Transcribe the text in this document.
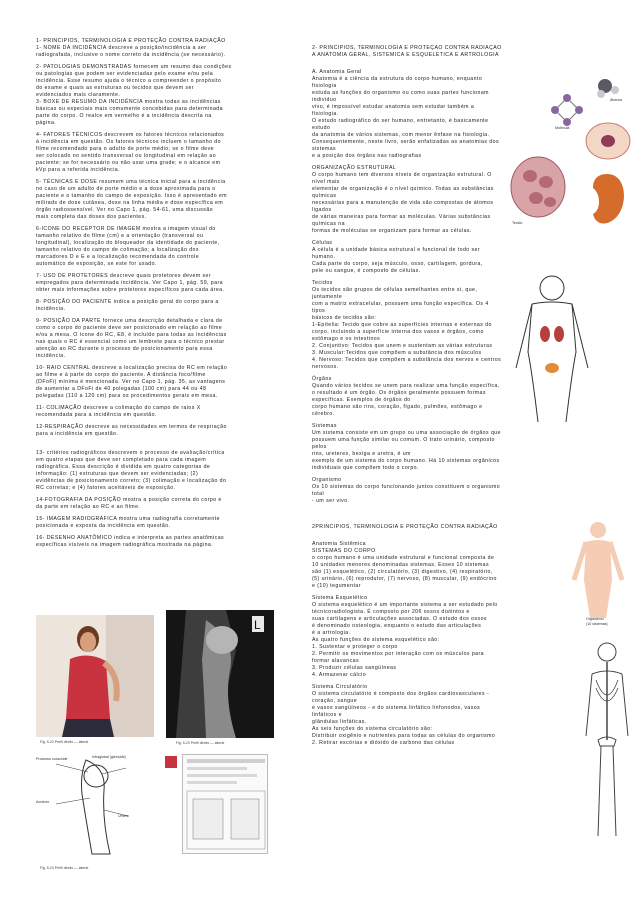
1- PRINCIPIOS, TERMINOLOGIA E PROTEÇÃO CONTRA RADIAÇÃO
1- NOME DA INCIDÊNCIA descreve a posição/incidência a ser
radiografada, inclusive o nome correto da incidência (se necessário).

2- PATOLOGIAS DEMONSTRADAS fornecem um resumo das condições
ou patologias que podem ser evidenciadas pelo exame e/ou pela
incidência. Esse resumo ajuda o técnico a compreender o propósito
do exame e quais as estruturas ou tecidos que devem ser
evidenciados mais claramente.
3- BOXE DE RESUMO DA INCIDÊNCIA mostra todas as incidências
básicas ou especiais mais comumente concebidas para determinada
parte do corpo. O realce em vermelho é a incidência descrita na
página.

4- FATORES TÉCNICOS descrevem os fatores técnicos relacionados
à incidência em questão. Os fatores técnicos incluem o tamanho do
filme recomendado para o adulto de porte médio; se o filme deve
ser colocado no sentido transversal ou longitudinal em relação ao
paciente; se for necessário ou não usar uma grade; e o alcance em
kVp para a referida incidência.

5- TÉCNICAS E DOSE resumem uma técnica inicial para a incidência
no caso de um adulto de porte médio e a dose aproximada para o
paciente e o tamanho do campo de exposição. Isso é apresentado em
milirads de dose cutânea, dose na linha média e dose específica em
órgão radiossensível. Ver no Capo 1, pág. 54-61, uma discussão
mais completa das doses dos pacientes.

6-ICONE DO RECEPTOR DE IMAGEM mostra a imagem visual do
tamanho relativo do filme (cm) e a orientação (transversal ou
longitudinal), localização do bloqueador da identidade do paciente,
tamanho relativo do campo de colimação; a localização dos
marcadores D e E e a localização recomendada do controle
automático de exposição, se este for usado.

7- USO DE PROTETORES descreve quais protetores devem ser
empregados para determinada incidência. Ver Capo 1, pág. 59, para
obter mais informações sobre protetores específicos para cada área.

8- POSIÇÃO DO PACIENTE indica a posição geral do corpo para a
incidência.

9- POSIÇÃO DA PARTE fornece uma descrição detalhada e clara de
como o corpo do paciente deve ser posicionado em relação ao filme
e/ou a mesa. O ícone do RC, E8, é incluído para todas as incidências
nas quais o RC é essencial como um lembrete para o técnico prestar
atenção ao RC durante o processo de posicionamento para essa
incidência.

10- RAIO CENTRAL descreve a localização precisa do RC em relação
ao filme e à parte do corpo do paciente. A distância foco/filme
(DFoFi) mínima é mencionada. Ver no Capo 1, pág. 35, as vantagens
de aumentar a DFoFi de 40 polegadas (100 cm) para 44 ou 48
polegadas (110 a 120 cm) para os procedimentos gerais em mesa.

11- COLIMAÇÃO descreve a colimação do campo de raios X
recomendada para a incidência em questão.

12-RESPIRAÇÃO descreve as necessidades em termos de respiração
para a incidência em questão.

13- critérios radiográficos descrevem o processo de avaliação/crítica
em quatro etapas que deve ser completado para cada imagem
radiográfica. Essa descrição é dividida em quatro categorias de
informação: (1) estruturas que devem ser evidenciadas; (2)
evidências de posicionamento correto; (3) colimação e localização do
RC corretas; e (4) fatores aceitáveis de exposição.

14-FOTOGRAFIA DA POSIÇÃO mostra a posição correta do corpo e
da parte em relação ao RC e ao filme.

15- IMAGEM RADIOGRÁFICA mostra uma radiografia corretamente
posicionada e exposta da incidência em questão.

16- DESENHO ANATÔMICO indica e interpreta as partes anatômicas
específicas visíveis na imagem radiográfica mostrada na página.

Fig. 5-22 Perfil direito — lateral
L
Fig. 5-23 Perfil direito — lateral
Processo coracóide	Infraglobal (glenóide)
Acrômio
Úmero
Fig. 5-24 Perfil direito — lateral
2- PRINCIPIOS, TERMINOLOGIA E PROTEÇÃO CONTRA RADIAÇÃO
A ANATOMIA GERAL, SISTÊMICA E ESQUELÉTICA E ARTROLOGIA

A. Anatomia Geral
Anatomia é a ciência da estrutura do corpo humano, enquanto
fisiologia
estuda as funções do organismo ou como suas partes funcionam
individuo
vivo, é impossível estudar anatomia sem estudar também a
fisiologia.
O estudo radiográfico do ser humano, entretanto, é basicamente
estudo
da anatomia de vários sistemas, com menor ênfase na fisiologia.
Consequentemente, neste livro, serão enfatizadas as anatomias dos
sistemas
e a posição dos órgãos nas radiografias

ORGANIZAÇÃO ESTRUTURAL
O corpo humano tem diversos níveis de organização estrutural. O
nível mais
elementar de organização é o nível químico. Todas as substâncias
químicas
necessárias para a manutenção de vida são compostas de átomos
ligados
de várias maneiras para formar as moléculas. Várias substâncias
químicas na
formas de moléculas se organizam para formar as células.

Células
A célula é a unidade básica estrutural e funcional de todo ser
humano.
Cada parte do corpo, seja músculo, osso, cartilagem, gordura,
pele ou sangue, é composto de células.

Tecidos
Os tecidos são grupos de células semelhantes entre si, que,
juntamente
com a matriz extracelular, possuem uma função específica. Os 4
tipos
básicos de tecidos são:
1-Epitelia: Tecido que cobre as superfícies internas e externas do
corpo, incluindo a superfície interna dos vasos e órgãos, como
estômago e os intestinos
2. Conjuntivo: Tecidos que unem e sustentam as várias estruturas
3. Muscular:Tecidos que compõem a substância dos músculos
4. Nervoso: Tecidos que compõem a substância dos nervos e centros
nervosos.

Órgãos
Quando vários tecidos se unem para realizar uma função específica,
o resultado é um órgão. Os órgãos geralmente possuem formas
específicas. Exemplos de órgãos do
corpo humano são rins, coração, fígado, pulmões, estômago e
cérebro.

Sistemas
Um sistema consiste em um grupo ou uma associação de órgãos que
possuem uma função similar ou comum. O trato urinário, composto
pelos
rins, ureteres, bexiga e uretra, é um
exemplo de um sistema do corpo humano. Há 10 sistemas orgânicos
individuais que compõem todo o corpo.

Organismo
Os 10 sistemas do corpo funcionando juntos constituem o organismo
total
- um ser vivo.

2PRINCIPIOS, TERMINOLOGIA E PROTEÇÃO CONTRA RADIAÇÃO

Anatomia Sistêmica
SISTEMAS DO CORPO
o corpo humano é uma unidade estrutural e funcional composta de
10 unidades menores denominadas sistemas. Esses 10 sistemas
são (1) esquelético, (2) circulatório, (3) digestivo, (4) respiratório,
(5) urinário, (6) reprodutor, (7) nervoso, (8) muscular, (9) endócrino
e (10) tegumentar

Sistema Esquelético
O sistema esquelético é um importante sistema a ser estudado pelo
técnicoradiologista. É composto por 206 ossos distintos e
suas cartilagens e articulações associadas. O estudo dos ossos
é denominado osteologia, enquanto o estudo das articulações
é a artrologia.
As quatro funções do sistema esquelético são:
1. Sustentar e proteger o corpo
2. Permitir os movimentos por interação com os músculos para
formar alavancas
3. Produzir células sangüíneas
4. Armazenar cálcio

Sistema Circulatório
O sistema circulatório é composto dos órgãos cardiovasculares -
coração, sangue
e vasos sangüíneos - e do sistema linfático linfonodos, vasos
linfáticos e
glândulas linfáticas.
As seis funções do sistema circulatório são:
Distribuir oxigênio e nutrientes para todas as células do organismo
2. Retirar escórias e dióxido de carbono das células

Átomos
Molécula
Tecido
Organismo
(10 sistemas)
